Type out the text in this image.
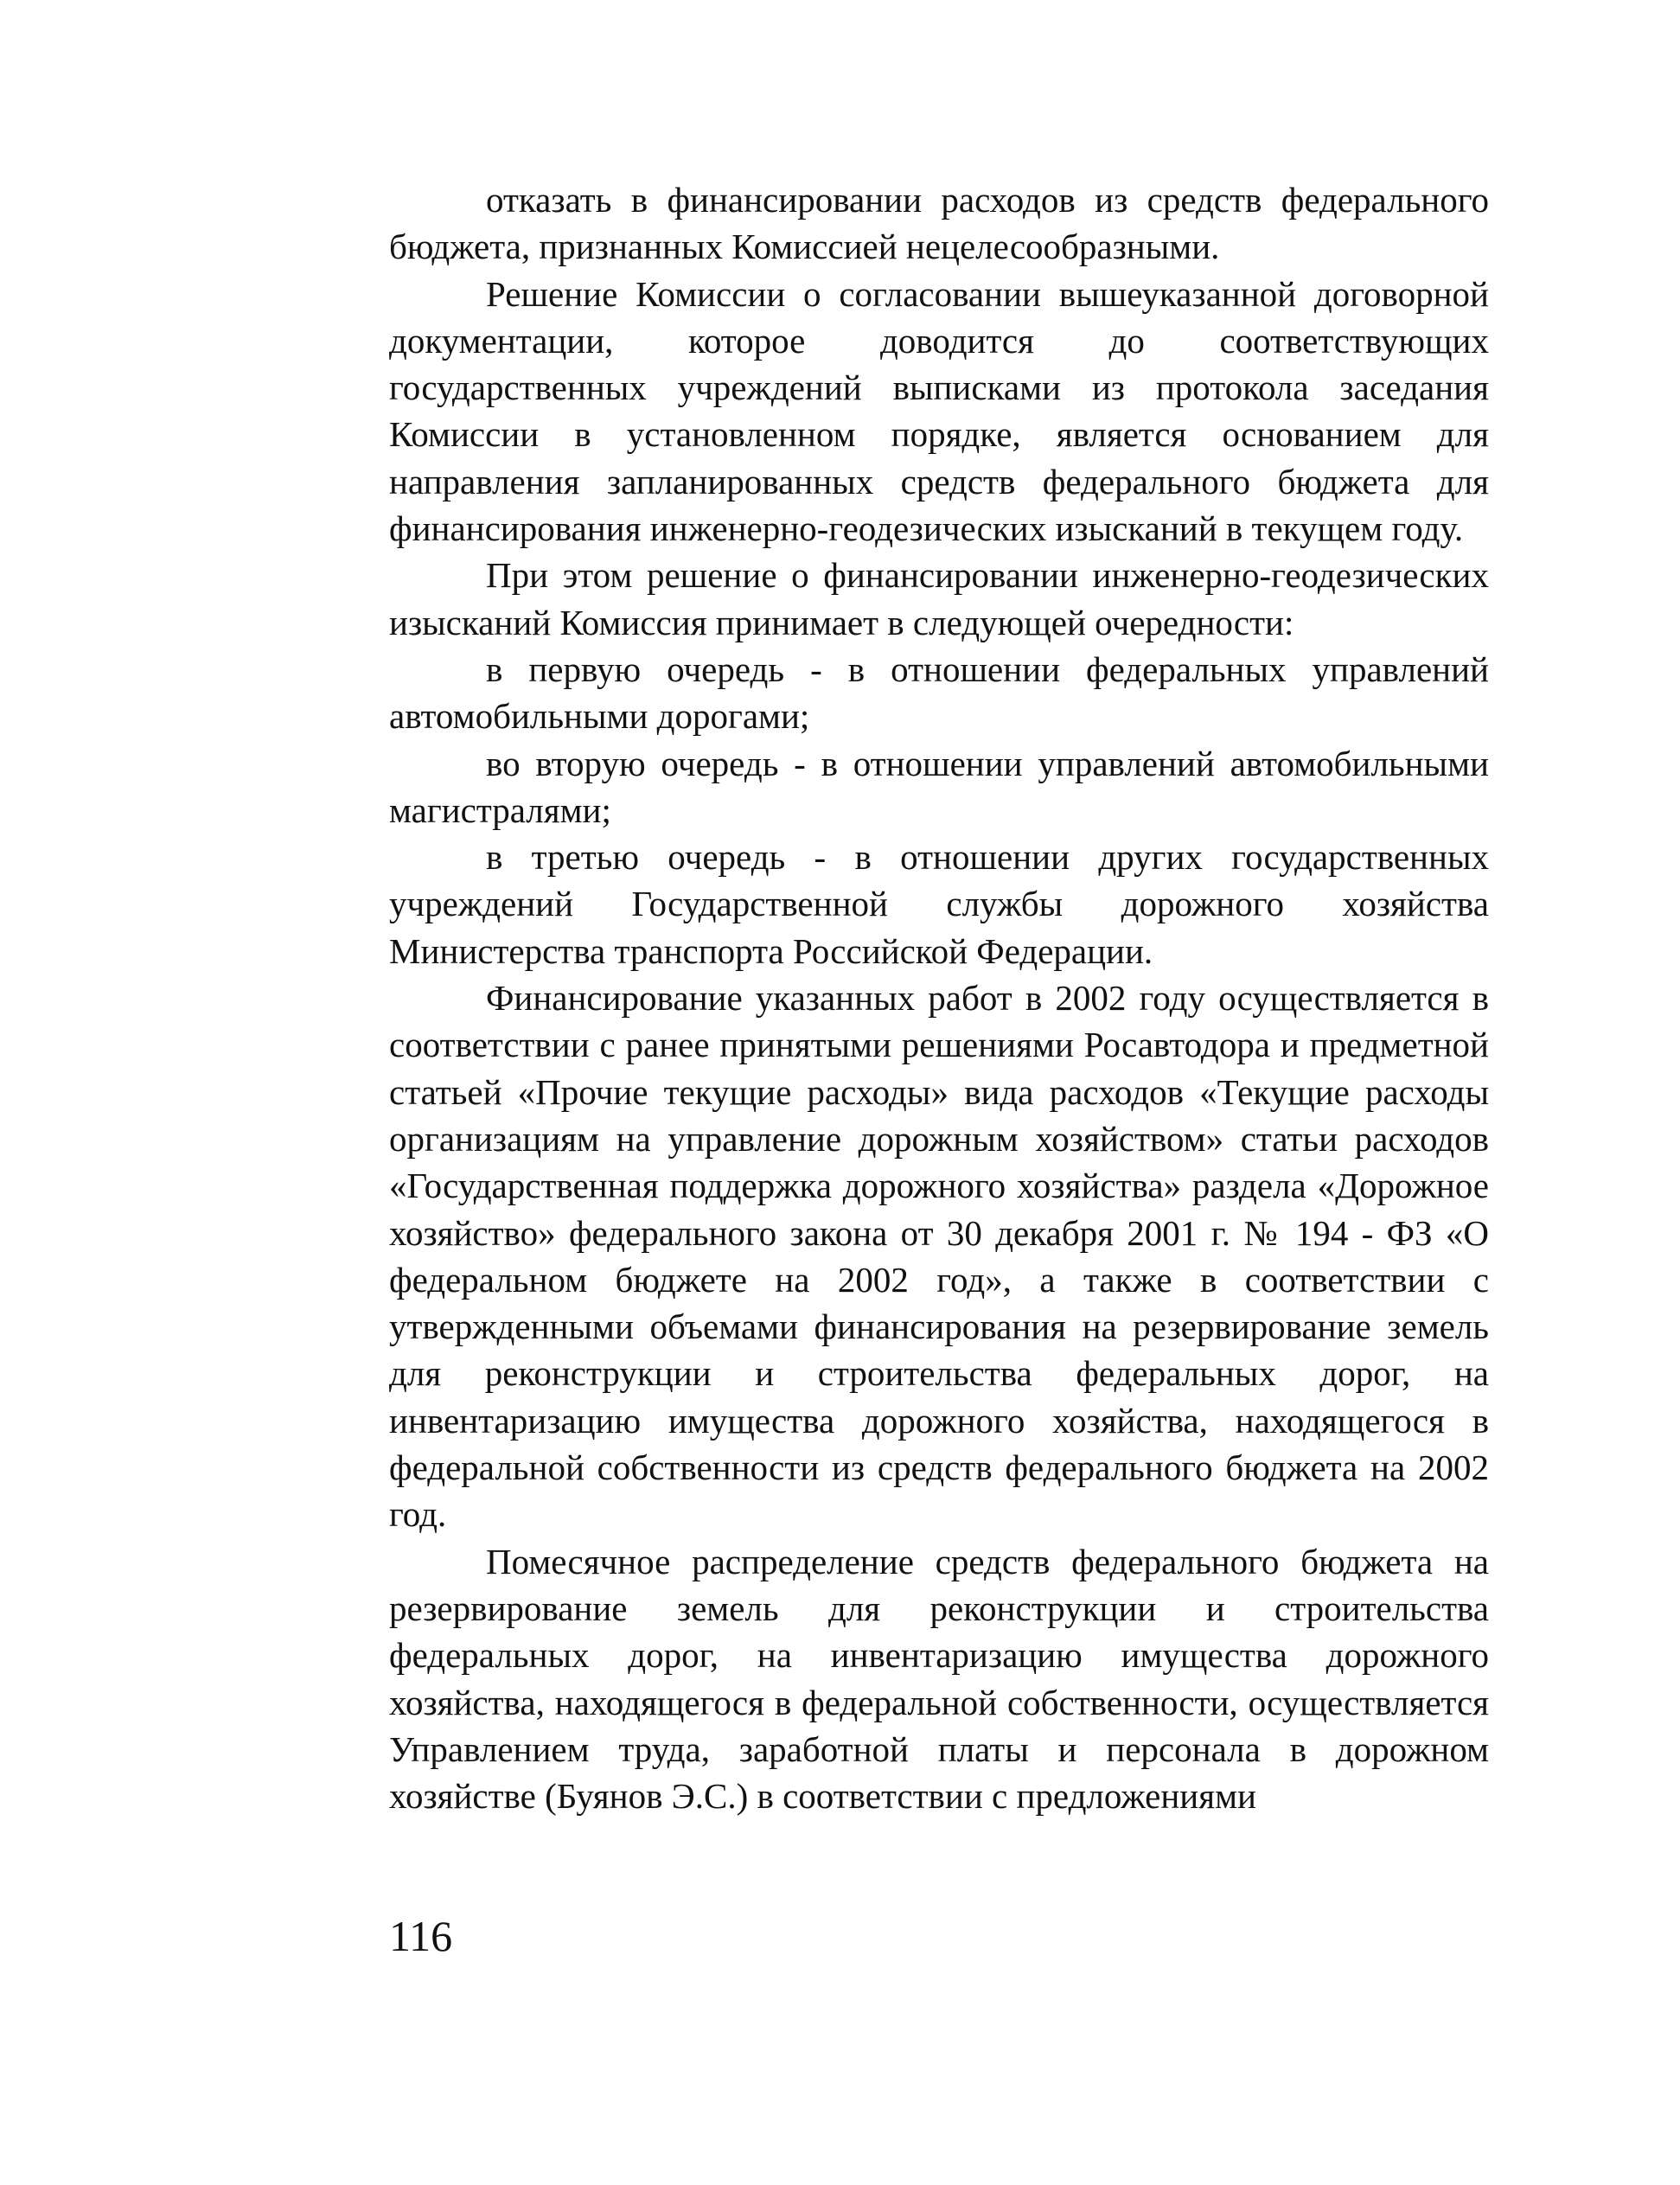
отказать в финансировании расходов из средств федерального бюджета, признанных Комиссией нецелесообразными.

Решение Комиссии о согласовании вышеуказанной договорной документации, которое доводится до соответствующих государственных учреждений выписками из протокола заседания Комиссии в установленном порядке, является основанием для направления запланированных средств федерального бюджета для финансирования инженерно-геодезических изысканий в текущем году.

При этом решение о финансировании инженерно-геодезических изысканий Комиссия принимает в следующей очередности:

в первую очередь - в отношении федеральных управлений автомобильными дорогами;

во вторую очередь - в отношении управлений автомобильными магистралями;

в третью очередь - в отношении других государственных учреждений Государственной службы дорожного хозяйства Министерства транспорта Российской Федерации.

Финансирование указанных работ в 2002 году осуществляется в соответствии с ранее принятыми решениями Росавтодора и предметной статьей «Прочие текущие расходы» вида расходов «Текущие расходы организациям на управление дорожным хозяйством» статьи расходов «Государственная поддержка дорожного хозяйства» раздела «Дорожное хозяйство» федерального закона от 30 декабря 2001 г. № 194 - ФЗ «О федеральном бюджете на 2002 год», а также в соответствии с утвержденными объемами финансирования на резервирование земель для реконструкции и строительства федеральных дорог, на инвентаризацию имущества дорожного хозяйства, находящегося в федеральной собственности из средств федерального бюджета на 2002 год.

Помесячное распределение средств федерального бюджета на резервирование земель для реконструкции и строительства федеральных дорог, на инвентаризацию имущества дорожного хозяйства, находящегося в федеральной собственности, осуществляется Управлением труда, заработной платы и персонала в дорожном хозяйстве (Буянов Э.С.) в соответствии с предложениями

116
